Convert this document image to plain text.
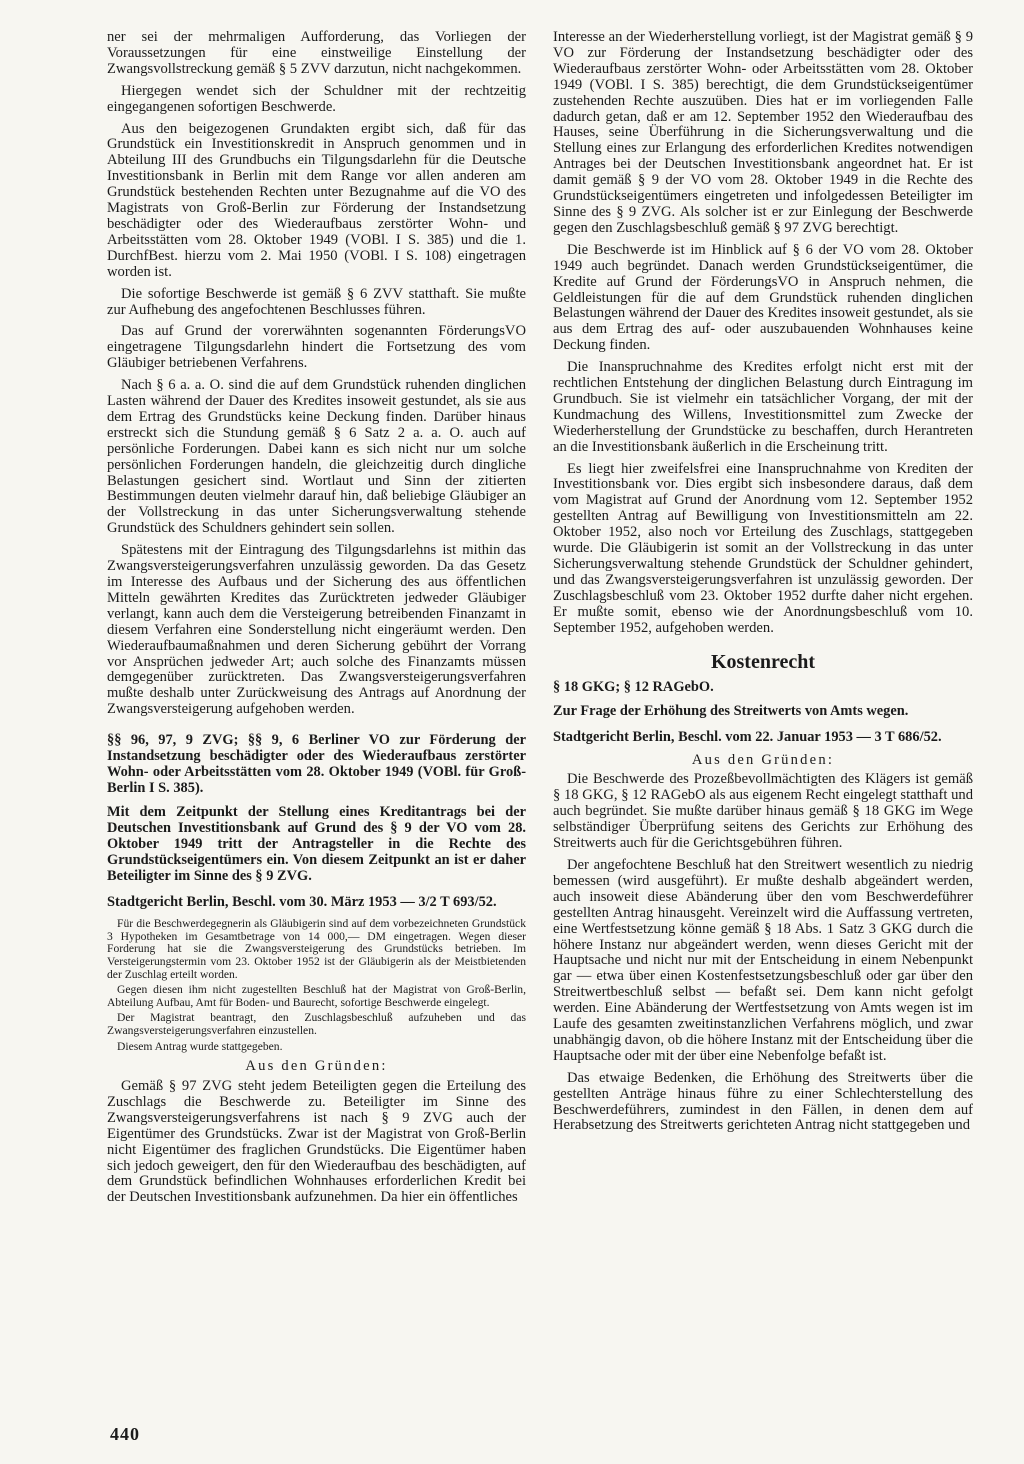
ner sei der mehrmaligen Aufforderung, das Vorliegen der Voraussetzungen für eine einstweilige Einstellung der Zwangsvollstreckung gemäß § 5 ZVV darzutun, nicht nachgekommen.

Hiergegen wendet sich der Schuldner mit der rechtzeitig eingegangenen sofortigen Beschwerde.

Aus den beigezogenen Grundakten ergibt sich, daß für das Grundstück ein Investitionskredit in Anspruch genommen und in Abteilung III des Grundbuchs ein Tilgungsdarlehn für die Deutsche Investitionsbank in Berlin mit dem Range vor allen anderen am Grundstück bestehenden Rechten unter Bezugnahme auf die VO des Magistrats von Groß-Berlin zur Förderung der Instandsetzung beschädigter oder des Wiederaufbaus zerstörter Wohn- und Arbeitsstätten vom 28. Oktober 1949 (VOBl. I S. 385) und die 1. DurchfBest. hierzu vom 2. Mai 1950 (VOBl. I S. 108) eingetragen worden ist.

Die sofortige Beschwerde ist gemäß § 6 ZVV statthaft. Sie mußte zur Aufhebung des angefochtenen Beschlusses führen.

Das auf Grund der vorerwähnten sogenannten FörderungsVO eingetragene Tilgungsdarlehn hindert die Fortsetzung des vom Gläubiger betriebenen Verfahrens.

Nach § 6 a. a. O. sind die auf dem Grundstück ruhenden dinglichen Lasten während der Dauer des Kredites insoweit gestundet, als sie aus dem Ertrag des Grundstücks keine Deckung finden. Darüber hinaus erstreckt sich die Stundung gemäß § 6 Satz 2 a. a. O. auch auf persönliche Forderungen. Dabei kann es sich nicht nur um solche persönlichen Forderungen handeln, die gleichzeitig durch dingliche Belastungen gesichert sind. Wortlaut und Sinn der zitierten Bestimmungen deuten vielmehr darauf hin, daß beliebige Gläubiger an der Vollstreckung in das unter Sicherungsverwaltung stehende Grundstück des Schuldners gehindert sein sollen.

Spätestens mit der Eintragung des Tilgungsdarlehns ist mithin das Zwangsversteigerungsverfahren unzulässig geworden. Da das Gesetz im Interesse des Aufbaus und der Sicherung des aus öffentlichen Mitteln gewährten Kredites das Zurücktreten jedweder Gläubiger verlangt, kann auch dem die Versteigerung betreibenden Finanzamt in diesem Verfahren eine Sonderstellung nicht eingeräumt werden. Den Wiederaufbaumaßnahmen und deren Sicherung gebührt der Vorrang vor Ansprüchen jedweder Art; auch solche des Finanzamts müssen demgegenüber zurücktreten. Das Zwangsversteigerungsverfahren mußte deshalb unter Zurückweisung des Antrags auf Anordnung der Zwangsversteigerung aufgehoben werden.

§§ 96, 97, 9 ZVG; §§ 9, 6 Berliner VO zur Förderung der Instandsetzung beschädigter oder des Wiederaufbaus zerstörter Wohn- oder Arbeitsstätten vom 28. Oktober 1949 (VOBl. für Groß-Berlin I S. 385).
Mit dem Zeitpunkt der Stellung eines Kreditantrags bei der Deutschen Investitionsbank auf Grund des § 9 der VO vom 28. Oktober 1949 tritt der Antragsteller in die Rechte des Grundstückseigentümers ein. Von diesem Zeitpunkt an ist er daher Beteiligter im Sinne des § 9 ZVG.
Stadtgericht Berlin, Beschl. vom 30. März 1953 — 3/2 T 693/52.

Für die Beschwerdegegnerin als Gläubigerin sind auf dem vorbezeichneten Grundstück 3 Hypotheken im Gesamtbetrage von 14 000,— DM eingetragen. Wegen dieser Forderung hat sie die Zwangsversteigerung des Grundstücks betrieben. Im Versteigerungstermin vom 23. Oktober 1952 ist der Gläubigerin als der Meistbietenden der Zuschlag erteilt worden.

Gegen diesen ihm nicht zugestellten Beschluß hat der Magistrat von Groß-Berlin, Abteilung Aufbau, Amt für Boden- und Baurecht, sofortige Beschwerde eingelegt.

Der Magistrat beantragt, den Zuschlagsbeschluß aufzuheben und das Zwangsversteigerungsverfahren einzustellen.

Diesem Antrag wurde stattgegeben.

Aus den Gründen:

Gemäß § 97 ZVG steht jedem Beteiligten gegen die Erteilung des Zuschlags die Beschwerde zu. Beteiligter im Sinne des Zwangsversteigerungsverfahrens ist nach § 9 ZVG auch der Eigentümer des Grundstücks. Zwar ist der Magistrat von Groß-Berlin nicht Eigentümer des fraglichen Grundstücks. Die Eigentümer haben sich jedoch geweigert, den für den Wiederaufbau des beschädigten, auf dem Grundstück befindlichen Wohnhauses erforderlichen Kredit bei der Deutschen Investitionsbank aufzunehmen. Da hier ein öffentliches

Interesse an der Wiederherstellung vorliegt, ist der Magistrat gemäß § 9 VO zur Förderung der Instandsetzung beschädigter oder des Wiederaufbaus zerstörter Wohn- oder Arbeitsstätten vom 28. Oktober 1949 (VOBl. I S. 385) berechtigt, die dem Grundstückseigentümer zustehenden Rechte auszuüben. Dies hat er im vorliegenden Falle dadurch getan, daß er am 12. September 1952 den Wiederaufbau des Hauses, seine Überführung in die Sicherungsverwaltung und die Stellung eines zur Erlangung des erforderlichen Kredites notwendigen Antrages bei der Deutschen Investitionsbank angeordnet hat. Er ist damit gemäß § 9 der VO vom 28. Oktober 1949 in die Rechte des Grundstückseigentümers eingetreten und infolgedessen Beteiligter im Sinne des § 9 ZVG. Als solcher ist er zur Einlegung der Beschwerde gegen den Zuschlagsbeschluß gemäß § 97 ZVG berechtigt.

Die Beschwerde ist im Hinblick auf § 6 der VO vom 28. Oktober 1949 auch begründet. Danach werden Grundstückseigentümer, die Kredite auf Grund der FörderungsVO in Anspruch nehmen, die Geldleistungen für die auf dem Grundstück ruhenden dinglichen Belastungen während der Dauer des Kredites insoweit gestundet, als sie aus dem Ertrag des auf- oder auszubauenden Wohnhauses keine Deckung finden.

Die Inanspruchnahme des Kredites erfolgt nicht erst mit der rechtlichen Entstehung der dinglichen Belastung durch Eintragung im Grundbuch. Sie ist vielmehr ein tatsächlicher Vorgang, der mit der Kundmachung des Willens, Investitionsmittel zum Zwecke der Wiederherstellung der Grundstücke zu beschaffen, durch Herantreten an die Investitionsbank äußerlich in die Erscheinung tritt.

Es liegt hier zweifelsfrei eine Inanspruchnahme von Krediten der Investitionsbank vor. Dies ergibt sich insbesondere daraus, daß dem vom Magistrat auf Grund der Anordnung vom 12. September 1952 gestellten Antrag auf Bewilligung von Investitionsmitteln am 22. Oktober 1952, also noch vor Erteilung des Zuschlags, stattgegeben wurde. Die Gläubigerin ist somit an der Vollstreckung in das unter Sicherungsverwaltung stehende Grundstück der Schuldner gehindert, und das Zwangsversteigerungsverfahren ist unzulässig geworden. Der Zuschlagsbeschluß vom 23. Oktober 1952 durfte daher nicht ergehen. Er mußte somit, ebenso wie der Anordnungsbeschluß vom 10. September 1952, aufgehoben werden.

Kostenrecht
§ 18 GKG; § 12 RAGebO.
Zur Frage der Erhöhung des Streitwerts von Amts wegen.
Stadtgericht Berlin, Beschl. vom 22. Januar 1953 — 3 T 686/52.
Aus den Gründen:

Die Beschwerde des Prozeßbevollmächtigten des Klägers ist gemäß § 18 GKG, § 12 RAGebO als aus eigenem Recht eingelegt statthaft und auch begründet. Sie mußte darüber hinaus gemäß § 18 GKG im Wege selbständiger Überprüfung seitens des Gerichts zur Erhöhung des Streitwerts auch für die Gerichtsgebühren führen.

Der angefochtene Beschluß hat den Streitwert wesentlich zu niedrig bemessen (wird ausgeführt). Er mußte deshalb abgeändert werden, auch insoweit diese Abänderung über den vom Beschwerdeführer gestellten Antrag hinausgeht. Vereinzelt wird die Auffassung vertreten, eine Wertfestsetzung könne gemäß § 18 Abs. 1 Satz 3 GKG durch die höhere Instanz nur abgeändert werden, wenn dieses Gericht mit der Hauptsache und nicht nur mit der Entscheidung in einem Nebenpunkt gar — etwa über einen Kostenfestsetzungsbeschluß oder gar über den Streitwertbeschluß selbst — befaßt sei. Dem kann nicht gefolgt werden. Eine Abänderung der Wertfestsetzung von Amts wegen ist im Laufe des gesamten zweitinstanzlichen Verfahrens möglich, und zwar unabhängig davon, ob die höhere Instanz mit der Entscheidung über die Hauptsache oder mit der über eine Nebenfolge befaßt ist.

Das etwaige Bedenken, die Erhöhung des Streitwerts über die gestellten Anträge hinaus führe zu einer Schlechterstellung des Beschwerdeführers, zumindest in den Fällen, in denen dem auf Herabsetzung des Streitwerts gerichteten Antrag nicht stattgegeben und

440
